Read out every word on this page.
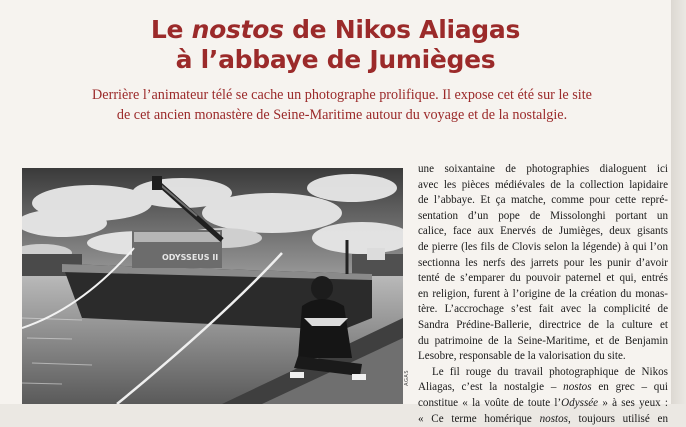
Le nostos de Nikos Aliagas
à l’abbaye de Jumièges

Derrière l’animateur télé se cache un photographe prolifique. Il expose cet été sur le site

de cet ancien monastère de Seine-Maritime autour du voyage et de la nostalgie.

ODYSSEUS II
AGAS
une soixantaine de photographies dialoguent ici
avec les pièces médiévales de la collection lapidaire
de l’abbaye. Et ça matche, comme pour cette repré-
sentation d’un pope de Missolonghi portant un
calice, face aux Enervés de Jumièges, deux gisants
de pierre (les fils de Clovis selon la légende) à qui l’on
sectionna les nerfs des jarrets pour les punir d’avoir
tenté de s’emparer du pouvoir paternel et qui, entrés
en religion, furent à l’origine de la création du monas-
tère. L’accrochage s’est fait avec la complicité de
Sandra Prédine-Ballerie, directrice de la culture et
du patrimoine de la Seine-Maritime, et de Benjamin
Lesobre, responsable de la valorisation du site.
Le fil rouge du travail photographique de Nikos
Aliagas, c’est la nostalgie – nostos en grec – qui
constitue « la voûte de toute l’Odyssée » à ses yeux :
« Ce terme homérique nostos, toujours utilisé en
